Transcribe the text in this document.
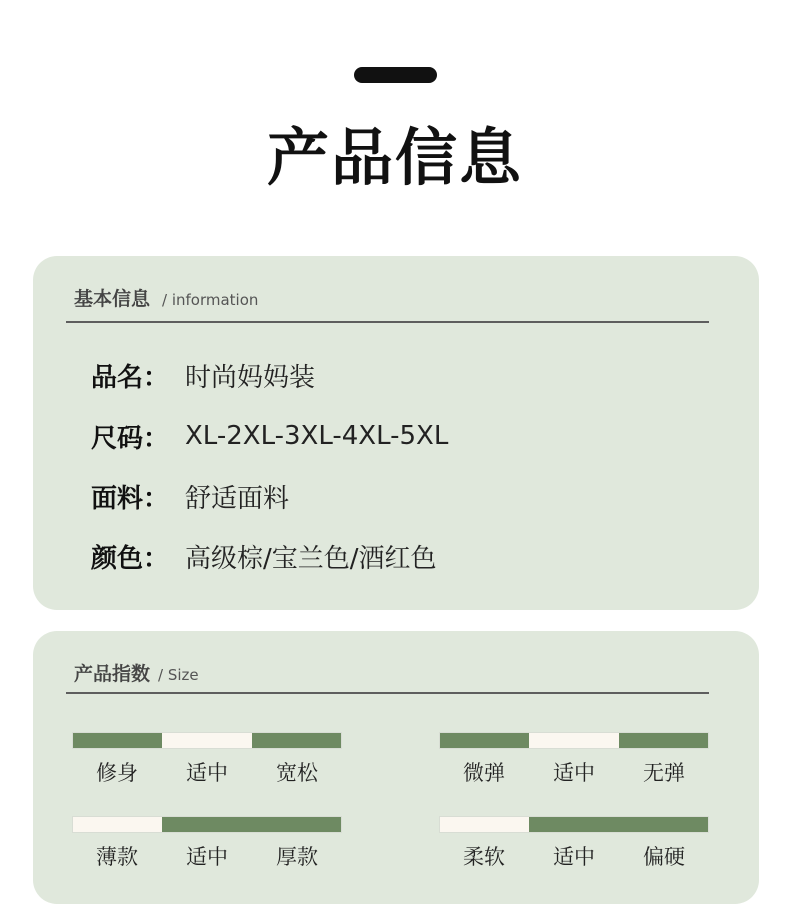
产品信息
基本信息 / information
品名： 时尚妈妈装
尺码： XL-2XL-3XL-4XL-5XL
面料： 舒适面料
颜色： 高级棕/宝兰色/酒红色
产品指数 / Size
修身	适中	宽松	微弹	适中	无弹
薄款	适中	厚款	柔软	适中	偏硬
